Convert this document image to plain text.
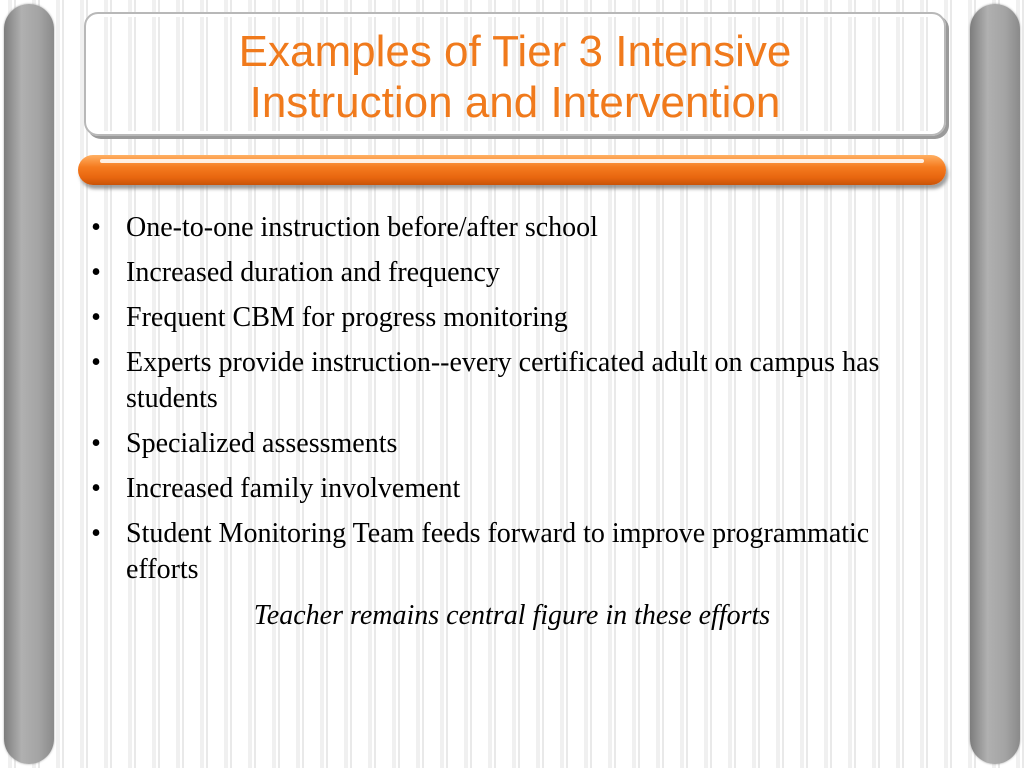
Examples of Tier 3 Intensive
Instruction and Intervention
• One-to-one instruction before/after school
• Increased duration and frequency
• Frequent CBM for progress monitoring
• Experts provide instruction--every certificated adult on campus has students
• Specialized assessments
• Increased family involvement
• Student Monitoring Team feeds forward to improve programmatic efforts

Teacher remains central figure in these efforts
